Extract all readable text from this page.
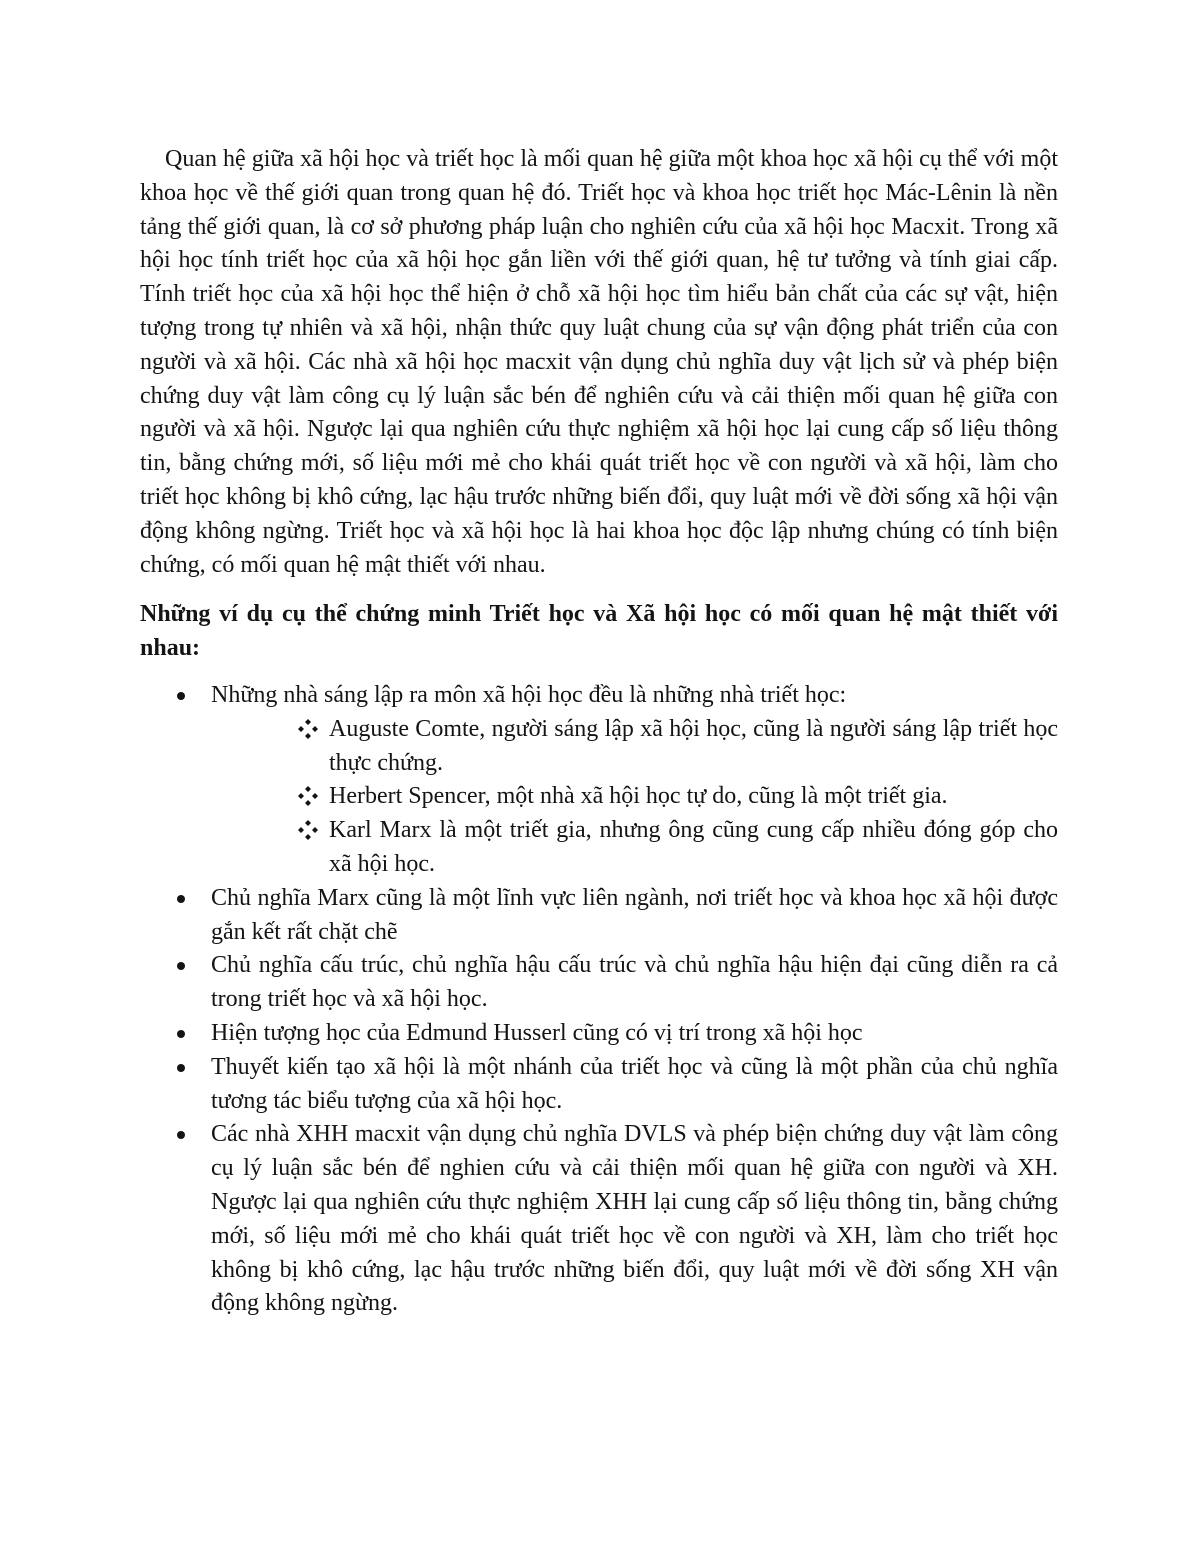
Quan hệ giữa xã hội học và triết học là mối quan hệ giữa một khoa học xã hội cụ thể với một khoa học về thế giới quan trong quan hệ đó. Triết học và khoa học triết học Mác-Lênin là nền tảng thế giới quan, là cơ sở phương pháp luận cho nghiên cứu của xã hội học Macxit. Trong xã hội học tính triết học của xã hội học gắn liền với thế giới quan, hệ tư tưởng và tính giai cấp. Tính triết học của xã hội học thể hiện ở chỗ xã hội học tìm hiểu bản chất của các sự vật, hiện tượng trong tự nhiên và xã hội, nhận thức quy luật chung của sự vận động phát triển của con người và xã hội. Các nhà xã hội học macxit vận dụng chủ nghĩa duy vật lịch sử và phép biện chứng duy vật làm công cụ lý luận sắc bén để nghiên cứu và cải thiện mối quan hệ giữa con người và xã hội. Ngược lại qua nghiên cứu thực nghiệm xã hội học lại cung cấp số liệu thông tin, bằng chứng mới, số liệu mới mẻ cho khái quát triết học về con người và xã hội, làm cho triết học không bị khô cứng, lạc hậu trước những biến đổi, quy luật mới về đời sống xã hội vận động không ngừng. Triết học và xã hội học là hai khoa học độc lập nhưng chúng có tính biện chứng, có mối quan hệ mật thiết với nhau.

Những ví dụ cụ thể chứng minh Triết học và Xã hội học có mối quan hệ mật thiết với nhau:

Những nhà sáng lập ra môn xã hội học đều là những nhà triết học:
Auguste Comte, người sáng lập xã hội học, cũng là người sáng lập triết học thực chứng.
Herbert Spencer, một nhà xã hội học tự do, cũng là một triết gia.
Karl Marx là một triết gia, nhưng ông cũng cung cấp nhiều đóng góp cho xã hội học.
Chủ nghĩa Marx cũng là một lĩnh vực liên ngành, nơi triết học và khoa học xã hội được gắn kết rất chặt chẽ
Chủ nghĩa cấu trúc, chủ nghĩa hậu cấu trúc và chủ nghĩa hậu hiện đại cũng diễn ra cả trong triết học và xã hội học.
Hiện tượng học của Edmund Husserl cũng có vị trí trong xã hội học
Thuyết kiến tạo xã hội là một nhánh của triết học và cũng là một phần của chủ nghĩa tương tác biểu tượng của xã hội học.
Các nhà XHH macxit vận dụng chủ nghĩa DVLS và phép biện chứng duy vật làm công cụ lý luận sắc bén để nghien cứu và cải thiện mối quan hệ giữa con người và XH. Ngược lại qua nghiên cứu thực nghiệm XHH lại cung cấp số liệu thông tin, bằng chứng mới, số liệu mới mẻ cho khái quát triết học về con người và XH, làm cho triết học không bị khô cứng, lạc hậu trước những biến đổi, quy luật mới về đời sống XH vận động không ngừng.
